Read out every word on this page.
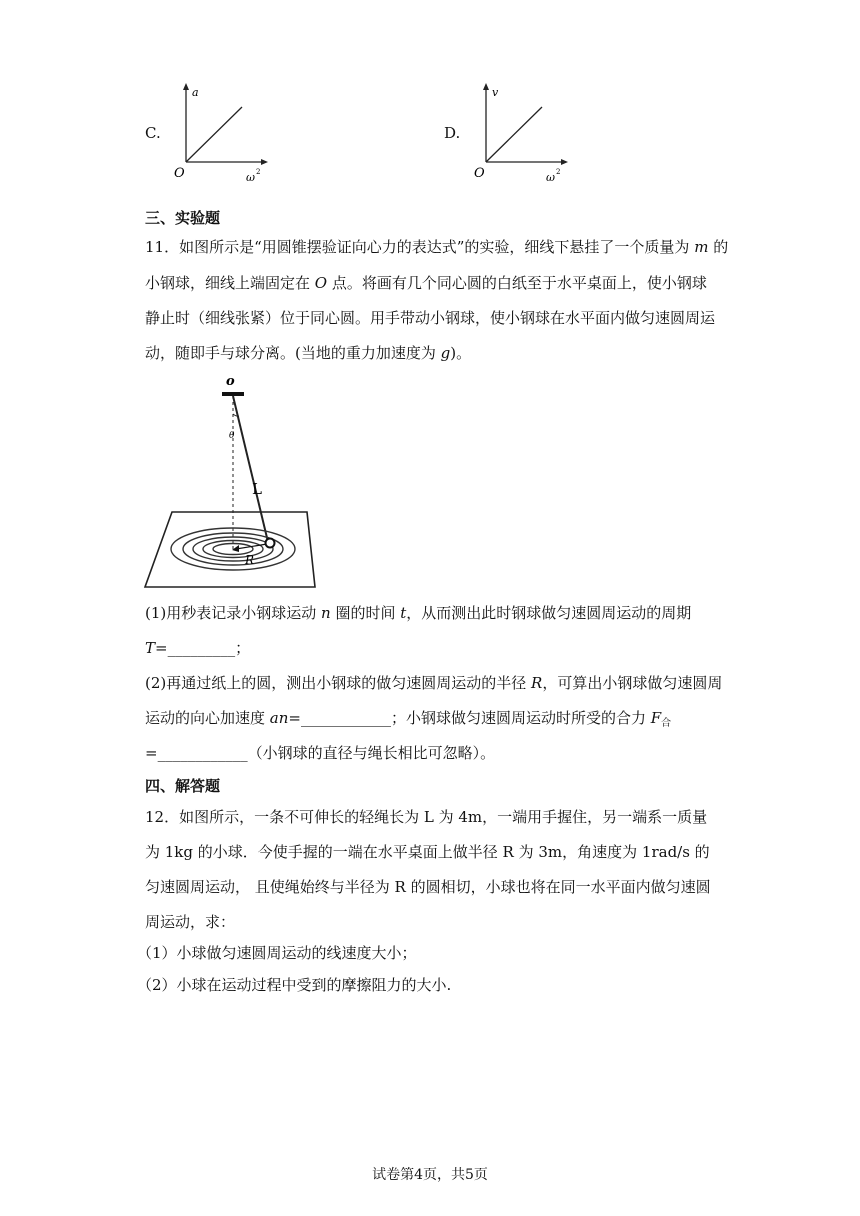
C.
a
O	ω 2
D.
v
O	ω 2
三、实验题
11．如图所示是“用圆锥摆验证向心力的表达式”的实验，细线下悬挂了一个质量为 m 的
小钢球，细线上端固定在 O 点。将画有几个同心圆的白纸至于水平桌面上，使小钢球
静止时（细线张紧）位于同心圆。用手带动小钢球，使小钢球在水平面内做匀速圆周运
动，随即手与球分离。(当地的重力加速度为 g)。
o
θ
L
R
(1)用秒表记录小钢球运动 n 圈的时间 t，从而测出此时钢球做匀速圆周运动的周期
T=_________；
(2)再通过纸上的圆，测出小钢球的做匀速圆周运动的半径 R，可算出小钢球做匀速圆周
运动的向心加速度 an=____________；小钢球做匀速圆周运动时所受的合力 $F_合$
=____________（小钢球的直径与绳长相比可忽略）。
四、解答题
12．如图所示，一条不可伸长的轻绳长为 L 为 4m，一端用手握住，另一端系一质量
为 1kg 的小球．今使手握的一端在水平桌面上做半径 R 为 3m，角速度为 1rad/s 的
匀速圆周运动， 且使绳始终与半径为 R 的圆相切，小球也将在同一水平面内做匀速圆
周运动，求：
（1）小球做匀速圆周运动的线速度大小；
（2）小球在运动过程中受到的摩擦阻力的大小.
试卷第4页，共5页
